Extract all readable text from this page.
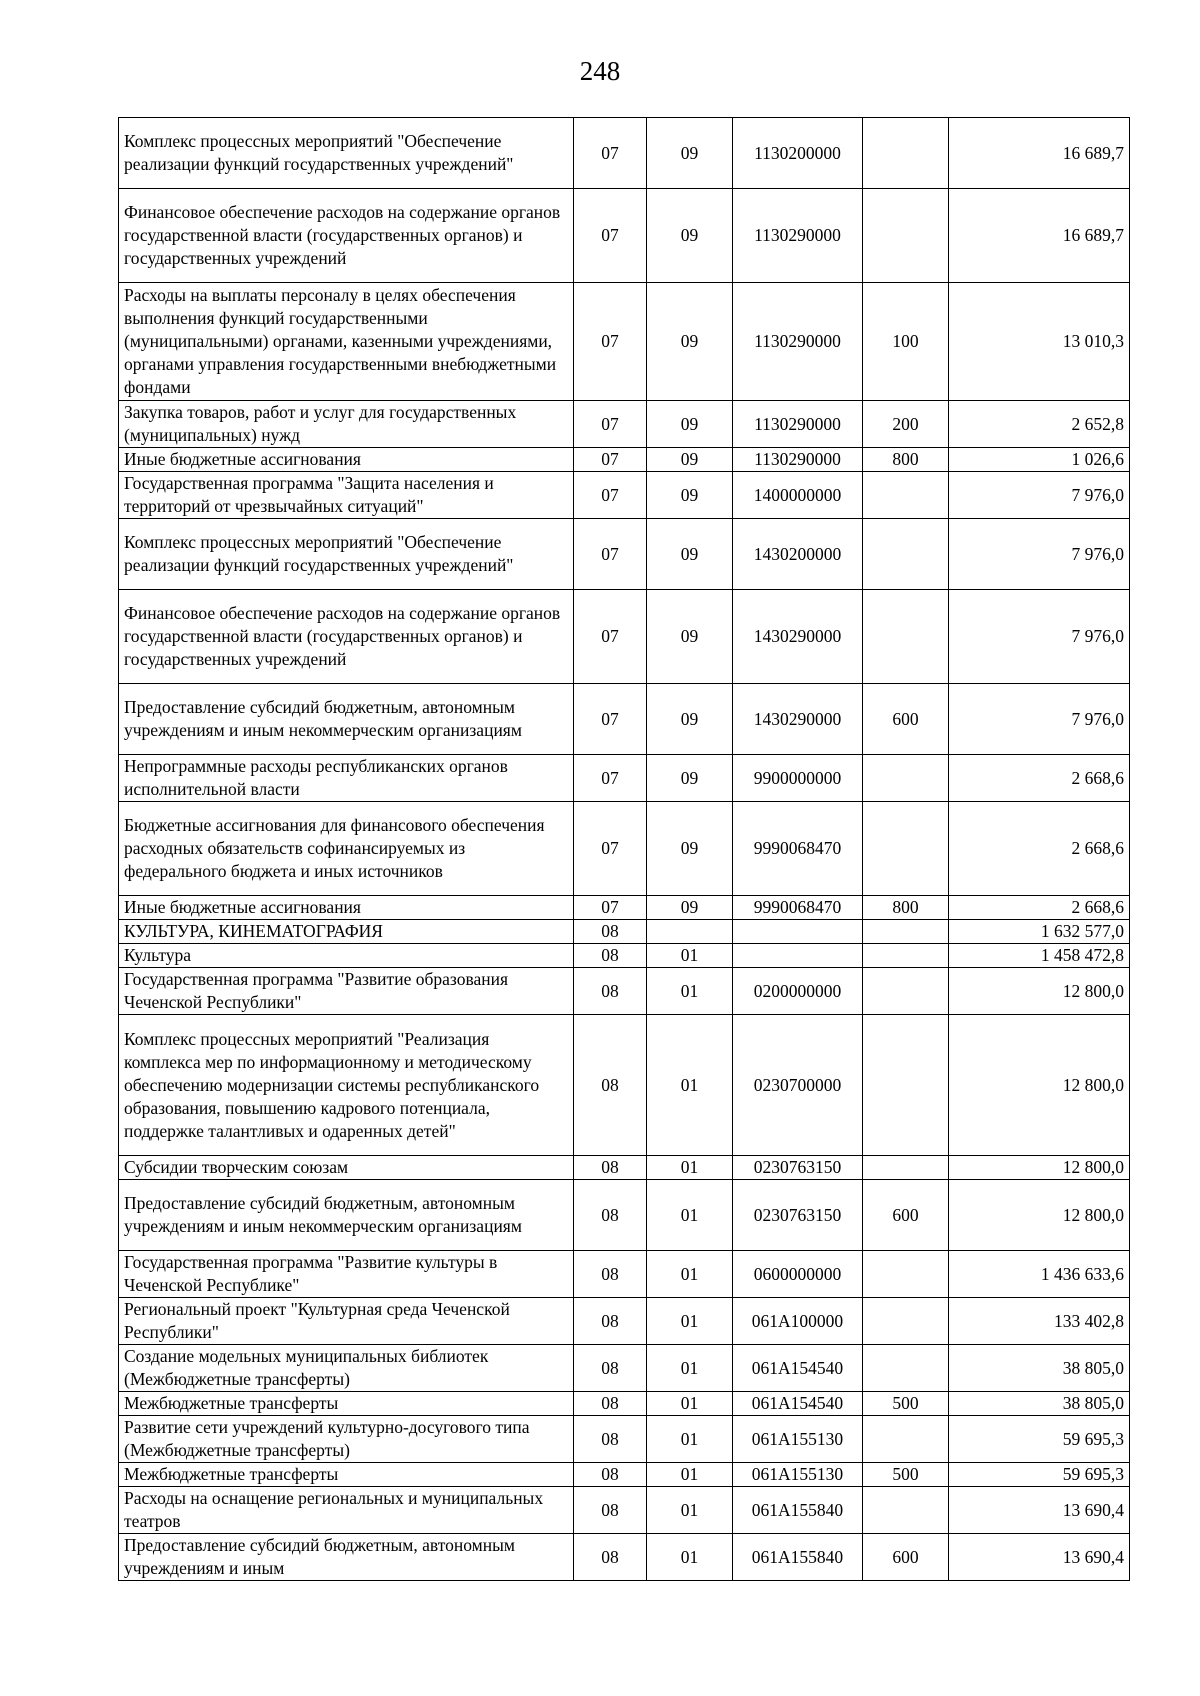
248
Комплекс процессных мероприятий "Обеспечение реализации функций государственных учреждений"	07	09	1130200000		16 689,7
Финансовое обеспечение расходов на содержание органов государственной власти (государственных органов) и государственных учреждений	07	09	1130290000		16 689,7
Расходы на выплаты персоналу в целях обеспечения выполнения функций государственными (муниципальными) органами, казенными учреждениями, органами управления государственными внебюджетными фондами	07	09	1130290000	100	13 010,3
Закупка товаров, работ и услуг для государственных (муниципальных) нужд	07	09	1130290000	200	2 652,8
Иные бюджетные ассигнования	07	09	1130290000	800	1 026,6
Государственная программа "Защита населения и территорий от чрезвычайных ситуаций"	07	09	1400000000		7 976,0
Комплекс процессных мероприятий "Обеспечение реализации функций государственных учреждений"	07	09	1430200000		7 976,0
Финансовое обеспечение расходов на содержание органов государственной власти (государственных органов) и государственных учреждений	07	09	1430290000		7 976,0
Предоставление субсидий бюджетным, автономным учреждениям и иным некоммерческим организациям	07	09	1430290000	600	7 976,0
Непрограммные расходы республиканских органов исполнительной власти	07	09	9900000000		2 668,6
Бюджетные ассигнования для финансового обеспечения расходных обязательств софинансируемых из федерального бюджета и иных источников	07	09	9990068470		2 668,6
Иные бюджетные ассигнования	07	09	9990068470	800	2 668,6
КУЛЬТУРА, КИНЕМАТОГРАФИЯ	08				1 632 577,0
Культура	08	01			1 458 472,8
Государственная программа "Развитие образования Чеченской Республики"	08	01	0200000000		12 800,0
Комплекс процессных мероприятий "Реализация комплекса мер по информационному и методическому обеспечению модернизации системы республиканского образования, повышению кадрового потенциала, поддержке талантливых и одаренных детей"	08	01	0230700000		12 800,0
Субсидии творческим союзам	08	01	0230763150		12 800,0
Предоставление субсидий бюджетным, автономным учреждениям и иным некоммерческим организациям	08	01	0230763150	600	12 800,0
Государственная программа "Развитие культуры в Чеченской Республике"	08	01	0600000000		1 436 633,6
Региональный проект "Культурная среда Чеченской Республики"	08	01	061А100000		133 402,8
Создание модельных муниципальных библиотек (Межбюджетные трансферты)	08	01	061А154540		38 805,0
Межбюджетные трансферты	08	01	061А154540	500	38 805,0
Развитие сети учреждений культурно-досугового типа (Межбюджетные трансферты)	08	01	061А155130		59 695,3
Межбюджетные трансферты	08	01	061А155130	500	59 695,3
Расходы на оснащение региональных и муниципальных театров	08	01	061А155840		13 690,4
Предоставление субсидий бюджетным, автономным учреждениям и иным	08	01	061А155840	600	13 690,4
